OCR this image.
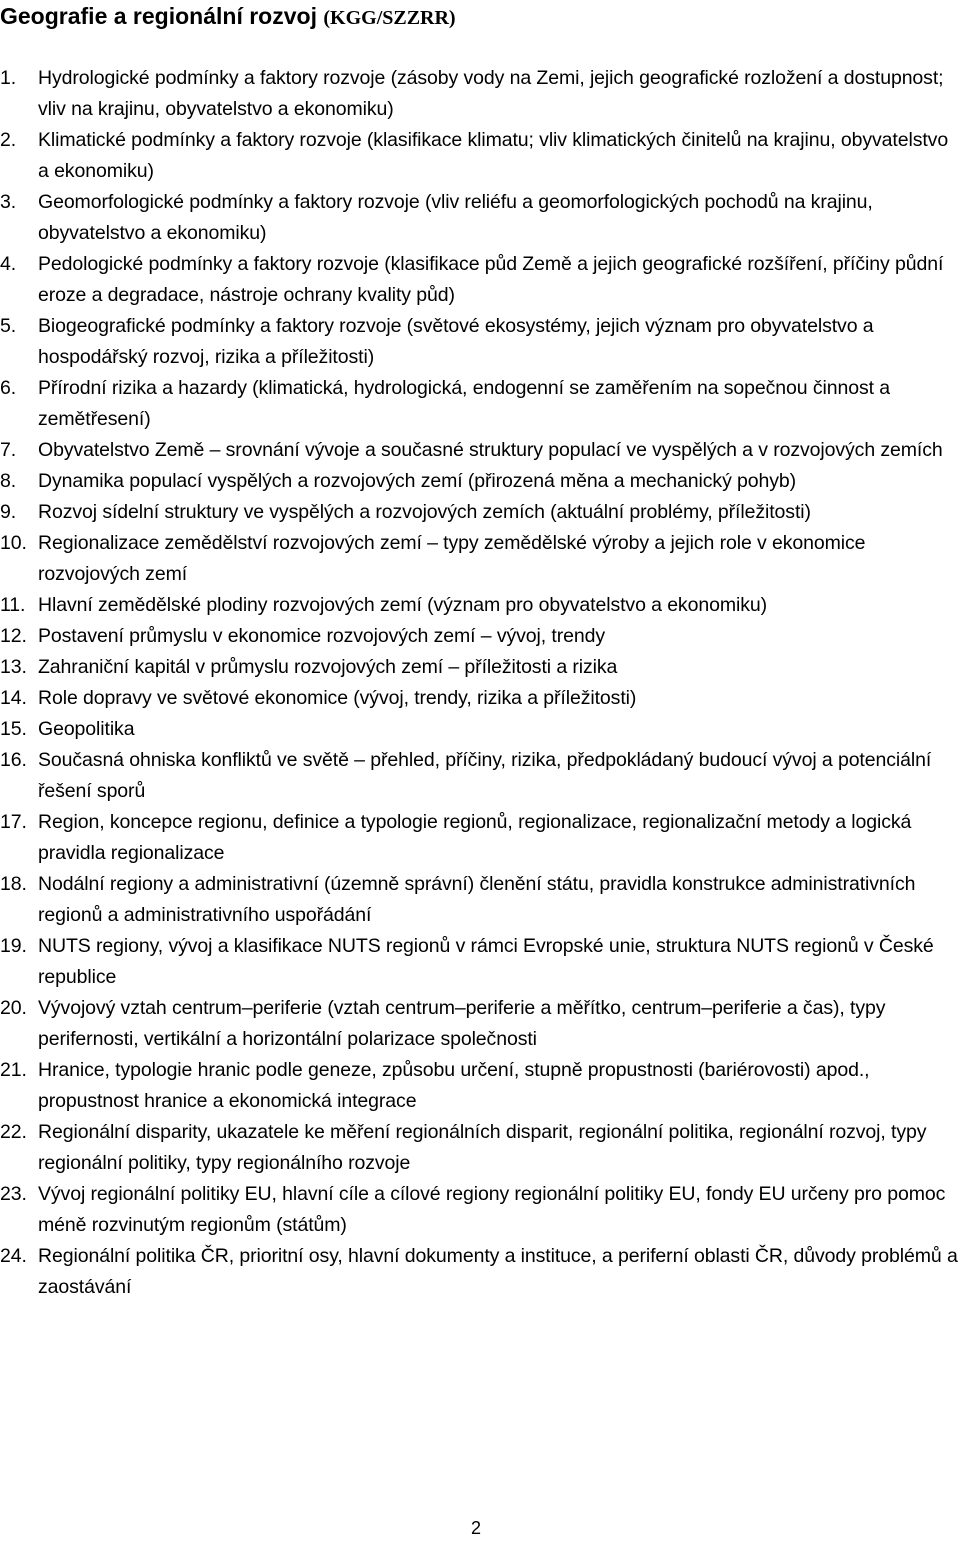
Geografie a regionální rozvoj (KGG/SZZRR)
1. Hydrologické podmínky a faktory rozvoje (zásoby vody na Zemi, jejich geografické rozložení a dostupnost; vliv na krajinu, obyvatelstvo a ekonomiku)
2. Klimatické podmínky a faktory rozvoje (klasifikace klimatu; vliv klimatických činitelů na krajinu, obyvatelstvo a ekonomiku)
3. Geomorfologické podmínky a faktory rozvoje (vliv reliéfu a geomorfologických pochodů na krajinu, obyvatelstvo a ekonomiku)
4. Pedologické podmínky a faktory rozvoje (klasifikace půd Země a jejich geografické rozšíření, příčiny půdní eroze a degradace, nástroje ochrany kvality půd)
5. Biogeografické podmínky a faktory rozvoje (světové ekosystémy, jejich význam pro obyvatelstvo a hospodářský rozvoj, rizika a příležitosti)
6. Přírodní rizika a hazardy (klimatická, hydrologická, endogenní se zaměřením na sopečnou činnost a zemětřesení)
7. Obyvatelstvo Země – srovnání vývoje a současné struktury populací ve vyspělých a v rozvojových zemích
8. Dynamika populací vyspělých a rozvojových zemí (přirozená měna a mechanický pohyb)
9. Rozvoj sídelní struktury ve vyspělých a rozvojových zemích (aktuální problémy, příležitosti)
10. Regionalizace zemědělství rozvojových zemí – typy zemědělské výroby a jejich role v ekonomice rozvojových zemí
11. Hlavní zemědělské plodiny rozvojových zemí (význam pro obyvatelstvo a ekonomiku)
12. Postavení průmyslu v ekonomice rozvojových zemí – vývoj, trendy
13. Zahraniční kapitál v průmyslu rozvojových zemí – příležitosti a rizika
14. Role dopravy ve světové ekonomice (vývoj, trendy, rizika a příležitosti)
15. Geopolitika
16. Současná ohniska konfliktů ve světě – přehled, příčiny, rizika, předpokládaný budoucí vývoj a potenciální řešení sporů
17. Region, koncepce regionu, definice a typologie regionů, regionalizace, regionalizační metody a logická pravidla regionalizace
18. Nodální regiony a administrativní (územně správní) členění státu, pravidla konstrukce administrativních regionů a administrativního uspořádání
19. NUTS regiony, vývoj a klasifikace NUTS regionů v rámci Evropské unie, struktura NUTS regionů v České republice
20. Vývojový vztah centrum–periferie (vztah centrum–periferie a měřítko, centrum–periferie a čas), typy perifernosti, vertikální a horizontální polarizace společnosti
21. Hranice, typologie hranic podle geneze, způsobu určení, stupně propustnosti (bariérovosti) apod., propustnost hranice a ekonomická integrace
22. Regionální disparity, ukazatele ke měření regionálních disparit, regionální politika, regionální rozvoj, typy regionální politiky, typy regionálního rozvoje
23. Vývoj regionální politiky EU, hlavní cíle a cílové regiony regionální politiky EU, fondy EU určeny pro pomoc méně rozvinutým regionům (státům)
24. Regionální politika ČR, prioritní osy, hlavní dokumenty a instituce, a periferní oblasti ČR, důvody problémů a zaostávání
2
